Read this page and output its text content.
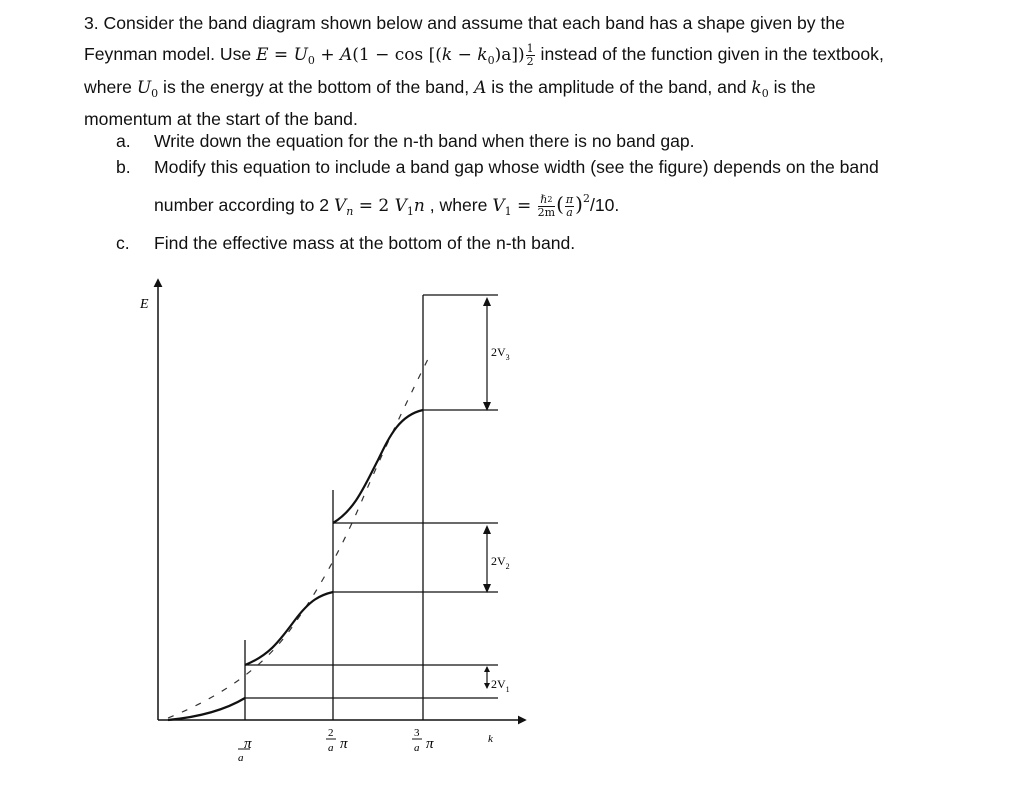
3. Consider the band diagram shown below and assume that each band has a shape given by the
Feynman model. Use $E = U_0 + A(1 - \cos [(k - k_0)a]) \frac{1}{2}$ instead of the function given in the textbook,
where $U_0$ is the energy at the bottom of the band, A is the amplitude of the band, and $k_0$ is the
momentum at the start of the band.
a. Write down the equation for the n-th band when there is no band gap.
b. Modify this equation to include a band gap whose width (see the figure) depends on the band
number according to 2 $V_n = 2$ $V_1n$ , where $V_1 = \frac{\hbar^2}{2m}$ ( $\frac{\pi}{a} )^2/10$.
c. Find the effective mass at the bottom of the n-th band.
E
k
$2V_3$
$2V_2$
$2V_1$
π
a
2
a π
3
a π
